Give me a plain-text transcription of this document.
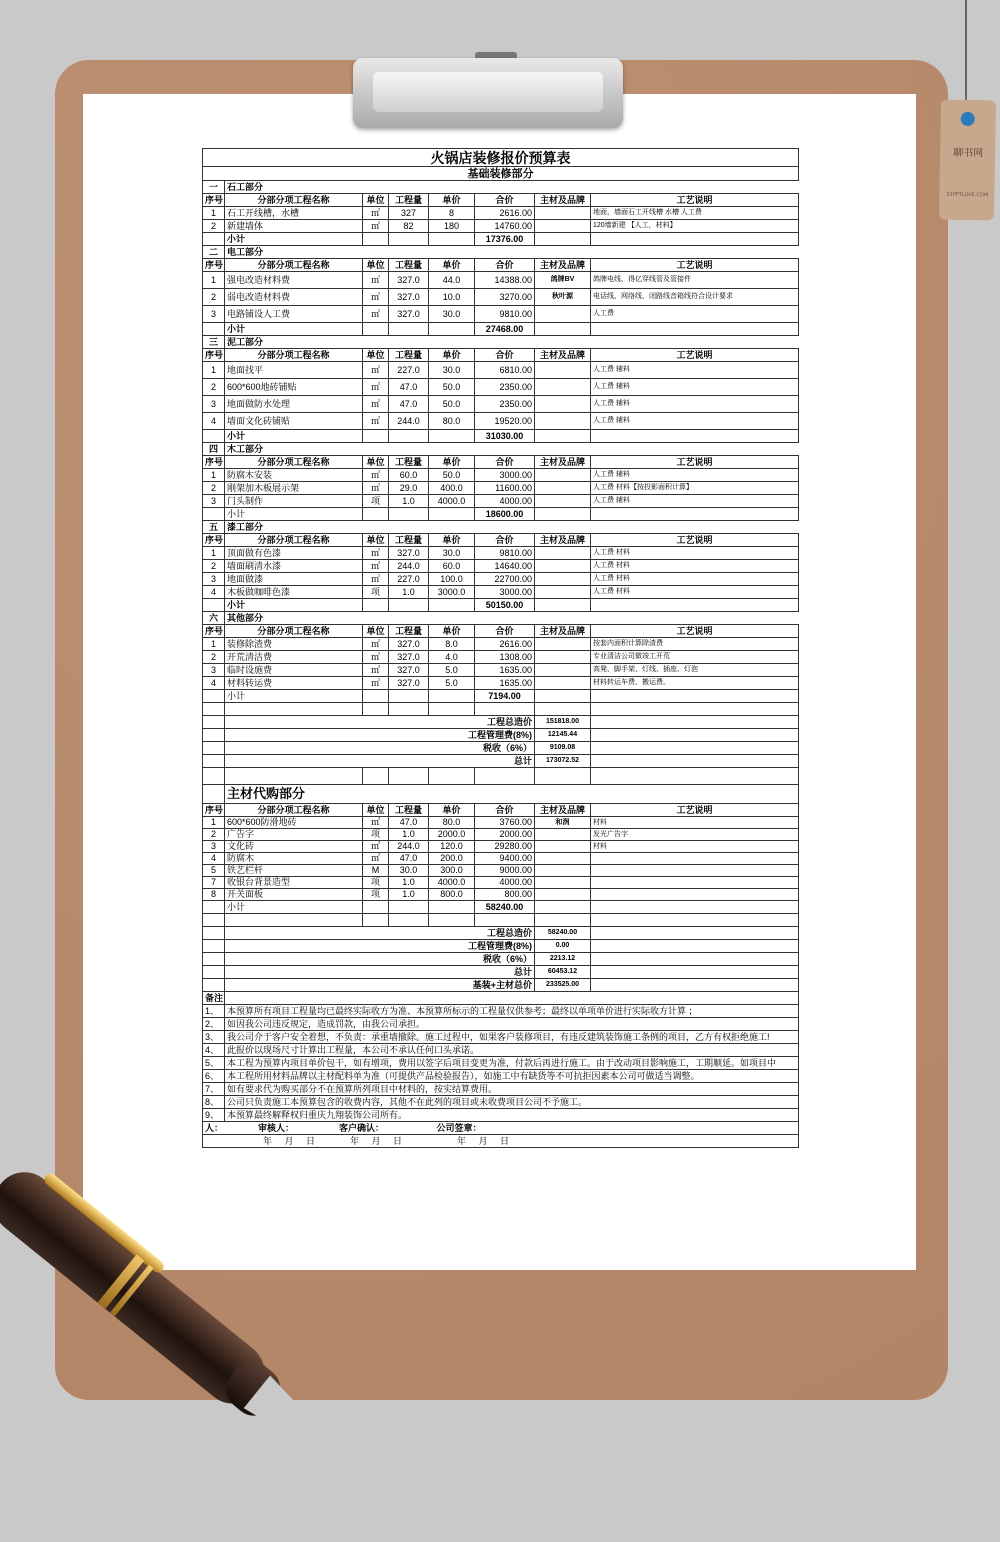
聊书网
51PPTLOVE.COM
火锅店装修报价预算表							
基础装修部分							
一	石工部分						
序号	分部分项工程名称	单位	工程量	单价	合价	主材及品牌	工艺说明
1	石工开线槽，水槽	㎡	327	8	2616.00		地面，墙面石工开线槽 水槽 人工费
2	新建墙体	㎡	82	180	14760.00		120墙新建 【人工，材料】
	小计				17376.00		
二	电工部分						
序号	分部分项工程名称	单位	工程量	单价	合价	主材及品牌	工艺说明
1	强电改造材料费	㎡	327.0	44.0	14388.00	鸽牌BV	鸽牌电线、得亿穿线管及管接件
2	弱电改造材料费	㎡	327.0	10.0	3270.00	秋叶源	电话线、网络线、闭路线音箱线符合设计要求
3	电路铺设人工费	㎡	327.0	30.0	9810.00		人工费
	小计				27468.00		
三	泥工部分						
序号	分部分项工程名称	单位	工程量	单价	合价	主材及品牌	工艺说明
1	地面找平	㎡	227.0	30.0	6810.00		人工费 辅料
2	600*600地砖铺贴	㎡	47.0	50.0	2350.00		人工费 辅料
3	地面做防水处理	㎡	47.0	50.0	2350.00		人工费 辅料
4	墙面文化砖铺贴	㎡	244.0	80.0	19520.00		人工费 辅料
	小计				31030.00		
四	木工部分						
序号	分部分项工程名称	单位	工程量	单价	合价	主材及品牌	工艺说明
1	防腐木安装	㎡	60.0	50.0	3000.00		人工费 辅料
2	刚架加木板展示架	㎡	29.0	400.0	11600.00		人工费 材料【按投影面积计算】
3	门头制作	项	1.0	4000.0	4000.00		人工费 辅料
	小计				18600.00		
五	漆工部分						
序号	分部分项工程名称	单位	工程量	单价	合价	主材及品牌	工艺说明
1	顶面做有色漆	㎡	327.0	30.0	9810.00		人工费 材料
2	墙面刷清水漆	㎡	244.0	60.0	14640.00		人工费 材料
3	地面做漆	㎡	227.0	100.0	22700.00		人工费 材料
4	木板做咖啡色漆	项	1.0	3000.0	3000.00		人工费 材料
	小计				50150.00		
六	其他部分						
序号	分部分项工程名称	单位	工程量	单价	合价	主材及品牌	工艺说明
1	装修除渣费	㎡	327.0	8.0	2616.00		按套内面积计算除渣费
2	开荒清洁费	㎡	327.0	4.0	1308.00		专业清洁公司做竣工开荒
3	临时设施费	㎡	327.0	5.0	1635.00		高凳、脚手架、灯线、插座、灯泡
4	材料转运费	㎡	327.0	5.0	1635.00		材料转运车费、搬运费。
	小计				7194.00		

	工程总造价					151818.00	
	工程管理费(8%)					12145.44	
	税收（6%）					9109.08	
	总计					173072.52	

	主材代购部分						
序号	分部分项工程名称	单位	工程量	单价	合价	主材及品牌	工艺说明
1	600*600防滑地砖	㎡	47.0	80.0	3760.00	和润	材料
2	广告字	项	1.0	2000.0	2000.00		发光广告字
3	文化砖	㎡	244.0	120.0	29280.00		材料
4	防腐木	㎡	47.0	200.0	9400.00		
5	铁艺栏杆	M	30.0	300.0	9000.00		
7	收银台背景造型	项	1.0	4000.0	4000.00		
8	开关面板	项	1.0	800.0	800.00		
	小计				58240.00		

	工程总造价					58240.00	
	工程管理费(8%)					0.00	
	税收（6%）					2213.12	
	总计					60453.12	
	基装+主材总价					233525.00	
备注							
1、	本预算所有项目工程量均已最终实际收方为准、本预算所标示的工程量仅供参考；最终以单项单价进行实际收方计算 ；						
2、	如因我公司违反规定，造成罚款，由我公司承担。						
3、	我公司介于客户安全着想，不负责：承重墙撤除。施工过程中，如果客户装修项目，有违反建筑装饰施工条例的项目，乙方有权拒绝施工!						
4、	此报价以现场尺寸计算出工程量，本公司不承认任何口头承诺。						
5、	本工程为预算内项目单价包干，如有增项，费用以签字后项目变更为准，付款后再进行施工。由于改动项目影响施工，工期顺延。如项目中						
6、	本工程所用材料品牌以主材配料单为准（可提供产品检验报告），如施工中有缺货等不可抗拒因素本公司可做适当调整。						
7、	如有要求代为购买部分不在预算所列项目中材料的，按实结算费用。						
8、	公司只负责施工本预算包含的收费内容，其他不在此列的项目或未收费项目公司不予施工。						
9、	本预算最终解释权归重庆九翔装饰公司所有。						
人：              审核人：                  客户确认：                     公司签章：							
年     月     日              年     月     日                      年     月     日							
